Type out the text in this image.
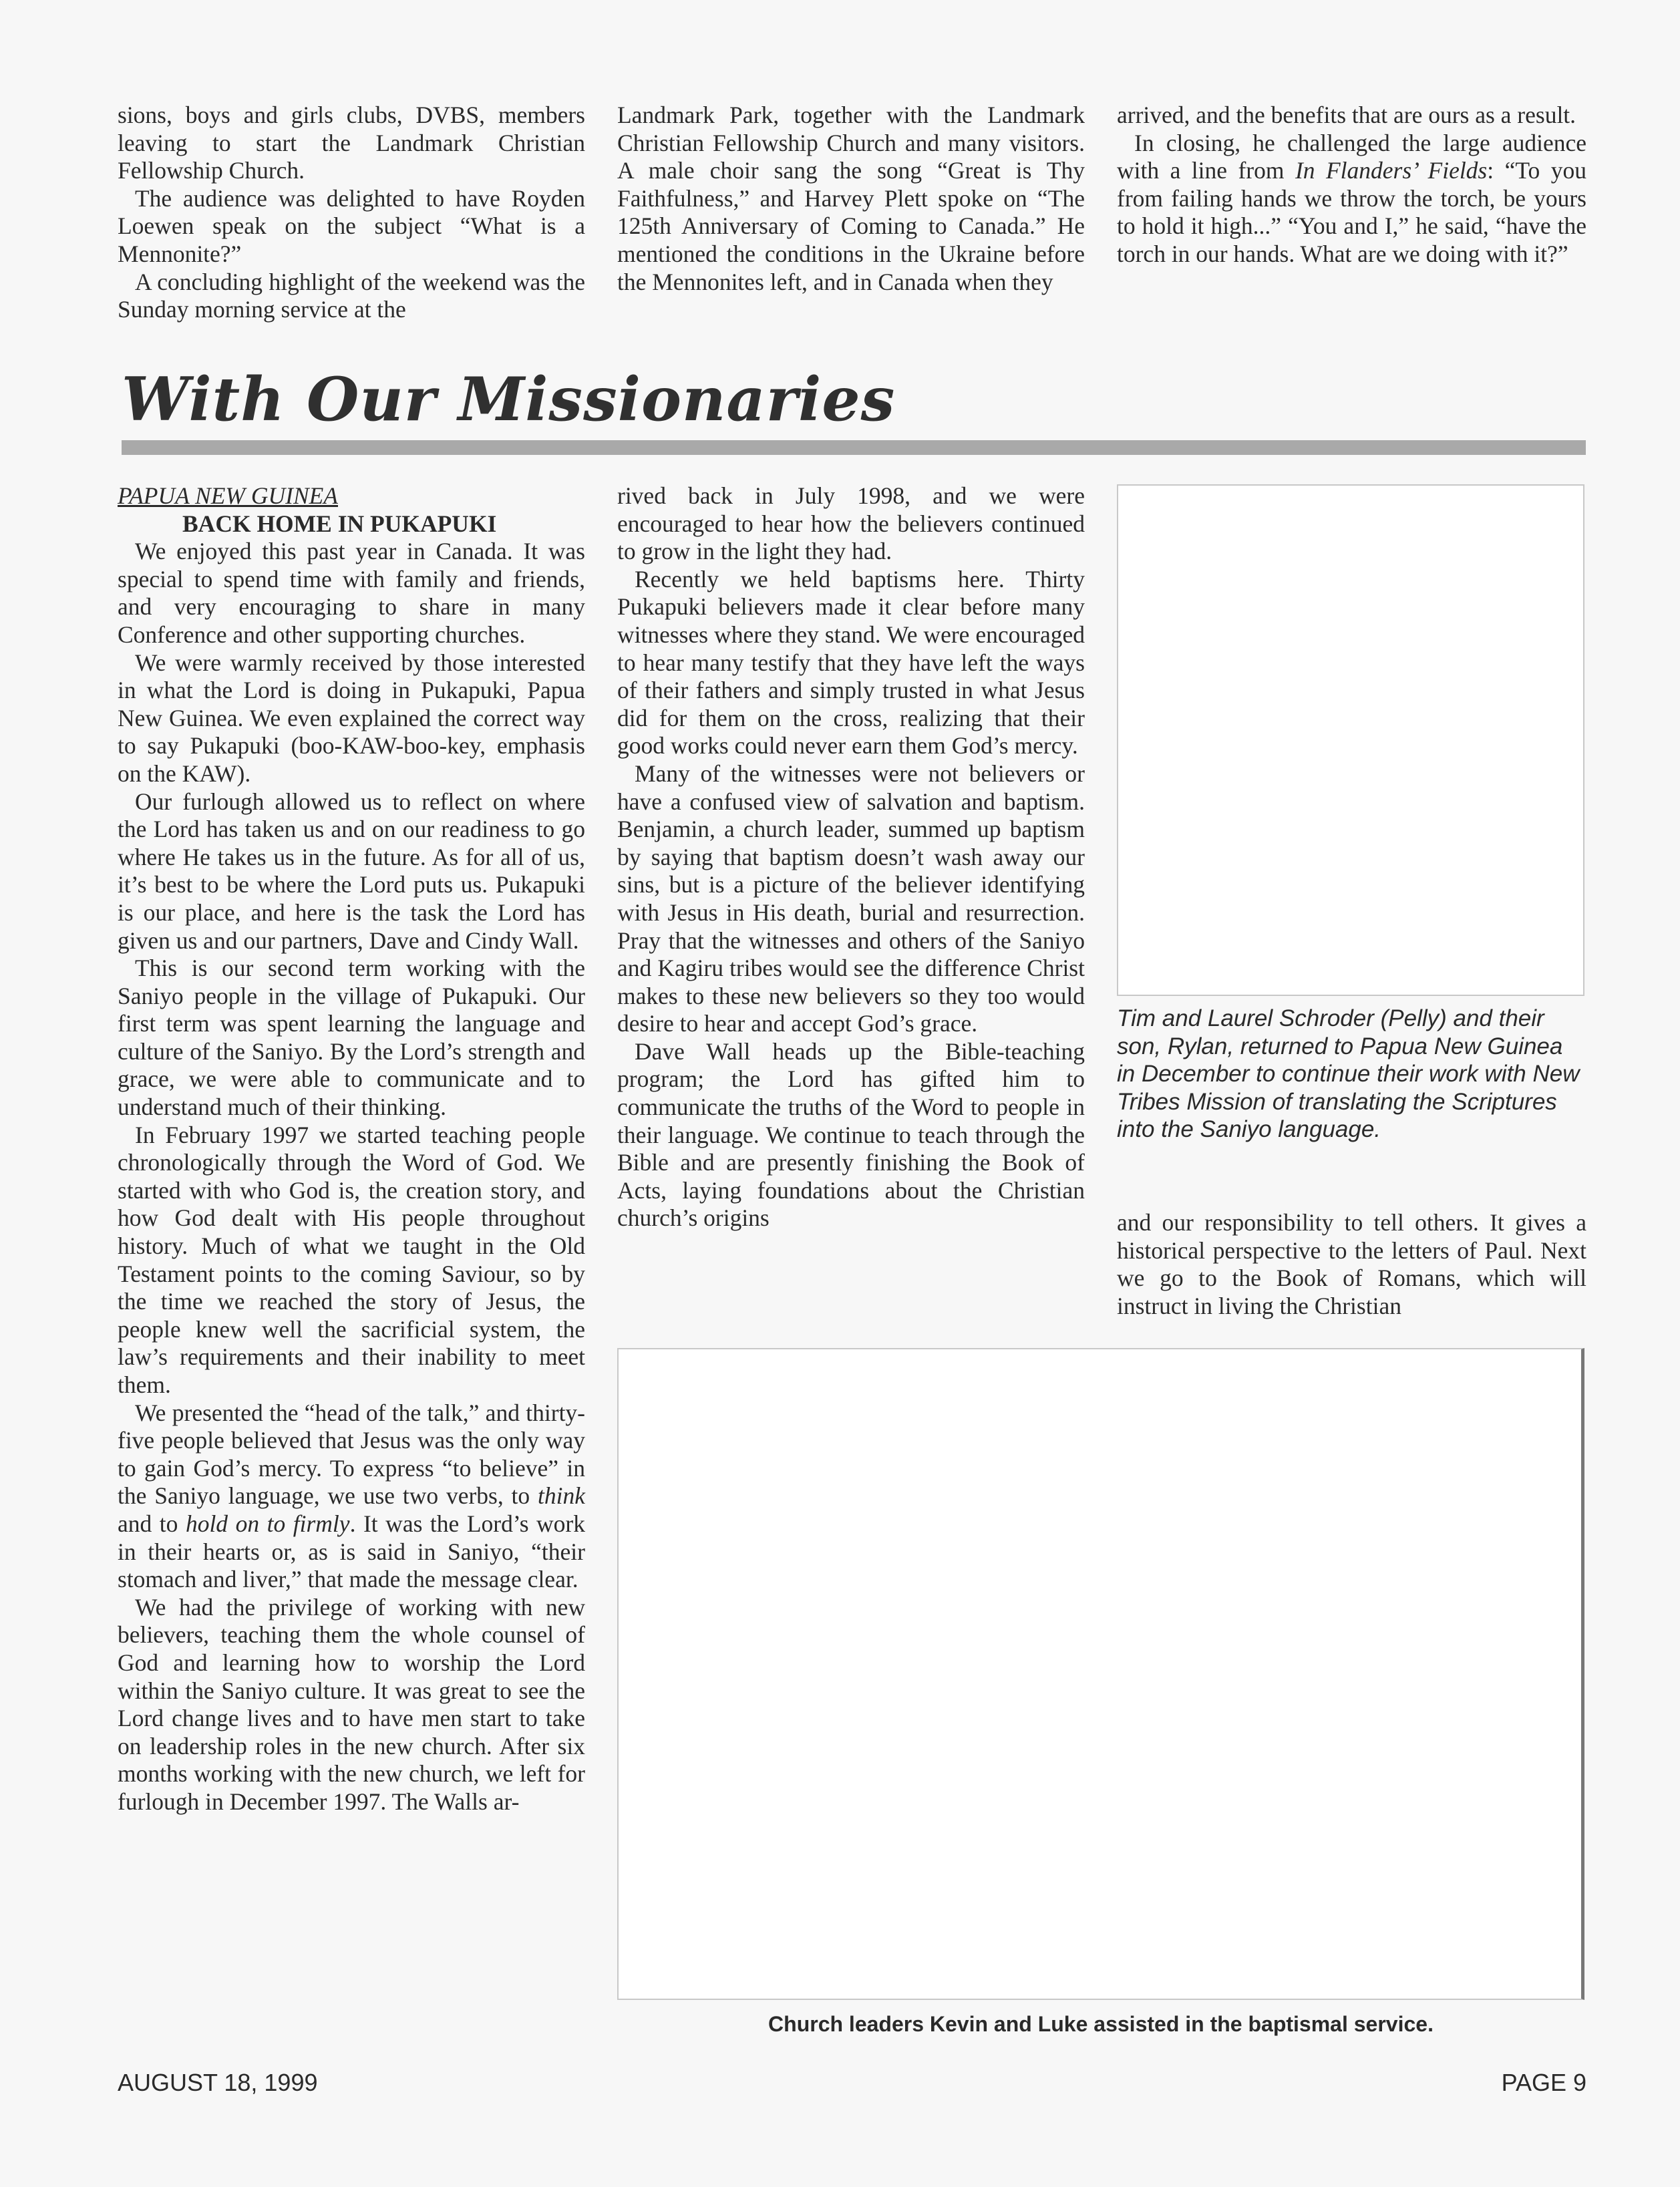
sions, boys and girls clubs, DVBS, members leaving to start the Landmark Christian Fellowship Church.

The audience was delighted to have Royden Loewen speak on the subject “What is a Mennonite?”

A concluding highlight of the weekend was the Sunday morning service at the

Landmark Park, together with the Landmark Christian Fellowship Church and many visitors. A male choir sang the song “Great is Thy Faithfulness,” and Harvey Plett spoke on “The 125th Anniversary of Coming to Canada.” He mentioned the conditions in the Ukraine before the Mennonites left, and in Canada when they

arrived, and the benefits that are ours as a result.

In closing, he challenged the large audience with a line from In Flanders’ Fields: “To you from failing hands we throw the torch, be yours to hold it high...” “You and I,” he said, “have the torch in our hands. What are we doing with it?”

With Our Missionaries

PAPUA NEW GUINEA

BACK HOME IN PUKAPUKI

We enjoyed this past year in Canada. It was special to spend time with family and friends, and very encouraging to share in many Conference and other supporting churches.

We were warmly received by those interested in what the Lord is doing in Pukapuki, Papua New Guinea. We even explained the correct way to say Pukapuki (boo-KAW-boo-key, emphasis on the KAW).

Our furlough allowed us to reflect on where the Lord has taken us and on our readiness to go where He takes us in the future. As for all of us, it’s best to be where the Lord puts us. Pukapuki is our place, and here is the task the Lord has given us and our partners, Dave and Cindy Wall.

This is our second term working with the Saniyo people in the village of Pukapuki. Our first term was spent learning the language and culture of the Saniyo. By the Lord’s strength and grace, we were able to communicate and to understand much of their thinking.

In February 1997 we started teaching people chronologically through the Word of God. We started with who God is, the creation story, and how God dealt with His people throughout history. Much of what we taught in the Old Testament points to the coming Saviour, so by the time we reached the story of Jesus, the people knew well the sacrificial system, the law’s requirements and their inability to meet them.

We presented the “head of the talk,” and thirty-five people believed that Jesus was the only way to gain God’s mercy. To express “to believe” in the Saniyo language, we use two verbs, to think and to hold on to firmly. It was the Lord’s work in their hearts or, as is said in Saniyo, “their stomach and liver,” that made the message clear.

We had the privilege of working with new believers, teaching them the whole counsel of God and learning how to worship the Lord within the Saniyo culture. It was great to see the Lord change lives and to have men start to take on leadership roles in the new church. After six months working with the new church, we left for furlough in December 1997. The Walls ar-

rived back in July 1998, and we were encouraged to hear how the believers continued to grow in the light they had.

Recently we held baptisms here. Thirty Pukapuki believers made it clear before many witnesses where they stand. We were encouraged to hear many testify that they have left the ways of their fathers and simply trusted in what Jesus did for them on the cross, realizing that their good works could never earn them God’s mercy.

Many of the witnesses were not believers or have a confused view of salvation and baptism. Benjamin, a church leader, summed up baptism by saying that baptism doesn’t wash away our sins, but is a picture of the believer identifying with Jesus in His death, burial and resurrection. Pray that the witnesses and others of the Saniyo and Kagiru tribes would see the difference Christ makes to these new believers so they too would desire to hear and accept God’s grace.

Dave Wall heads up the Bible-teaching program; the Lord has gifted him to communicate the truths of the Word to people in their language. We continue to teach through the Bible and are presently finishing the Book of Acts, laying foundations about the Christian church’s origins

Tim and Laurel Schroder (Pelly) and their son, Rylan, returned to Papua New Guinea in December to continue their work with New Tribes Mission of translating the Scriptures into the Saniyo language.

and our responsibility to tell others. It gives a historical perspective to the letters of Paul. Next we go to the Book of Romans, which will instruct in living the Christian

Church leaders Kevin and Luke assisted in the baptismal service.

AUGUST 18, 1999	PAGE 9
